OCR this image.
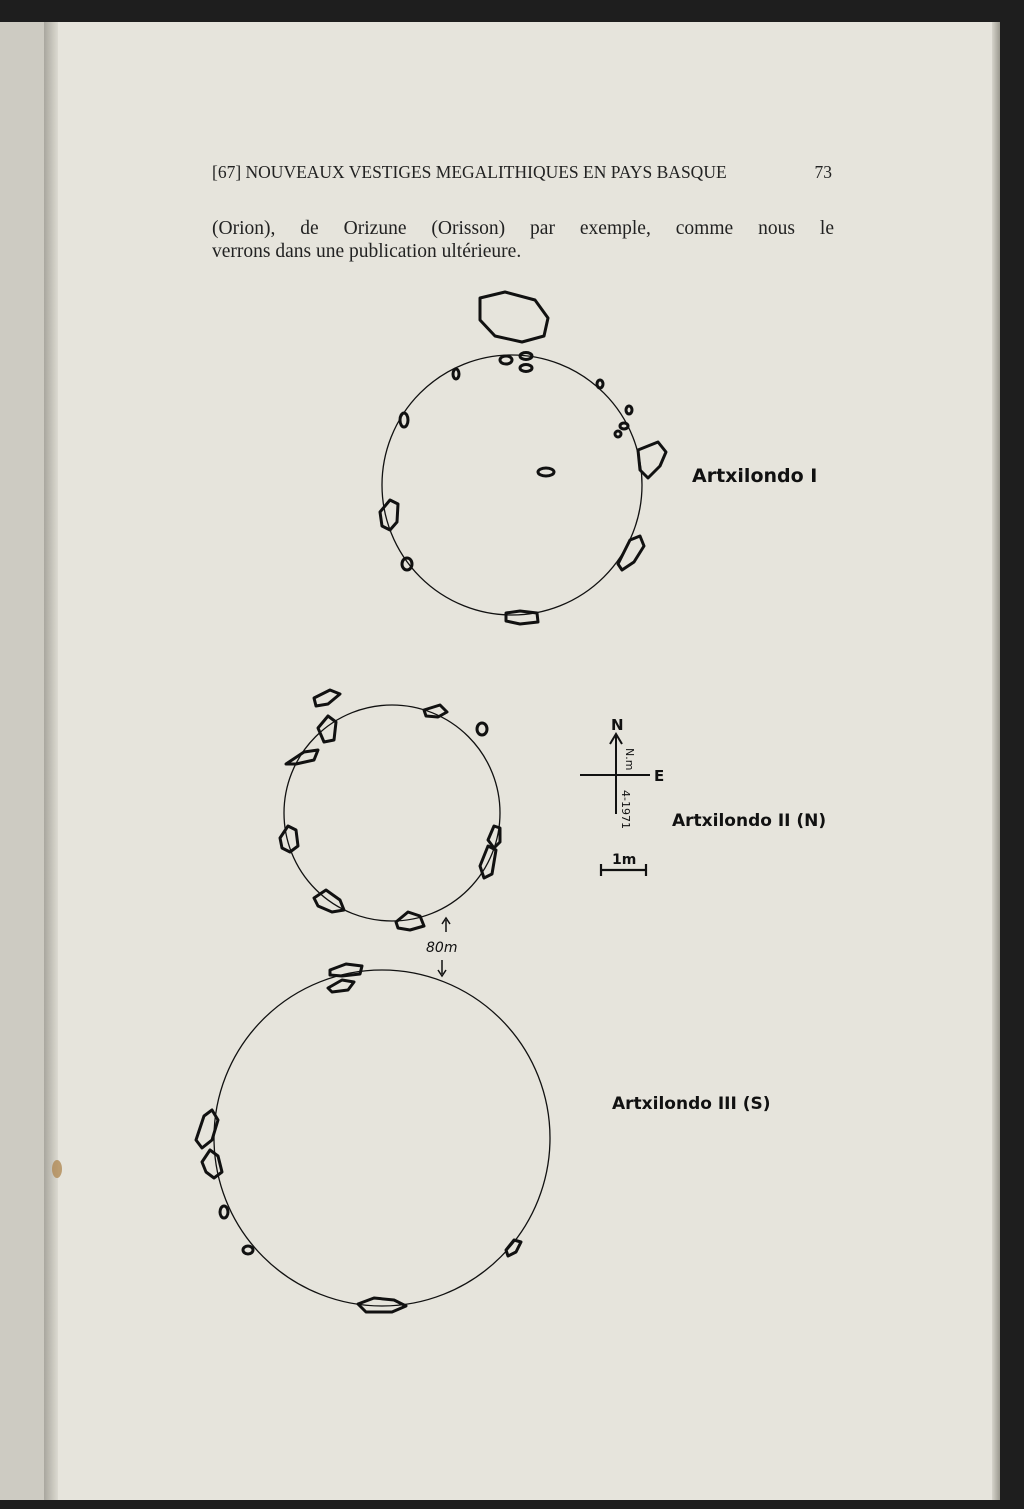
[67] NOUVEAUX VESTIGES MEGALITHIQUES EN PAYS BASQUE	73
(Orion), de Orizune (Orisson) par exemple, comme nous le
verrons dans une publication ultérieure.
Artxilondo I
Artxilondo II (N)
Artxilondo III (S)
N
E
N.m
4-1971
1m
80m
